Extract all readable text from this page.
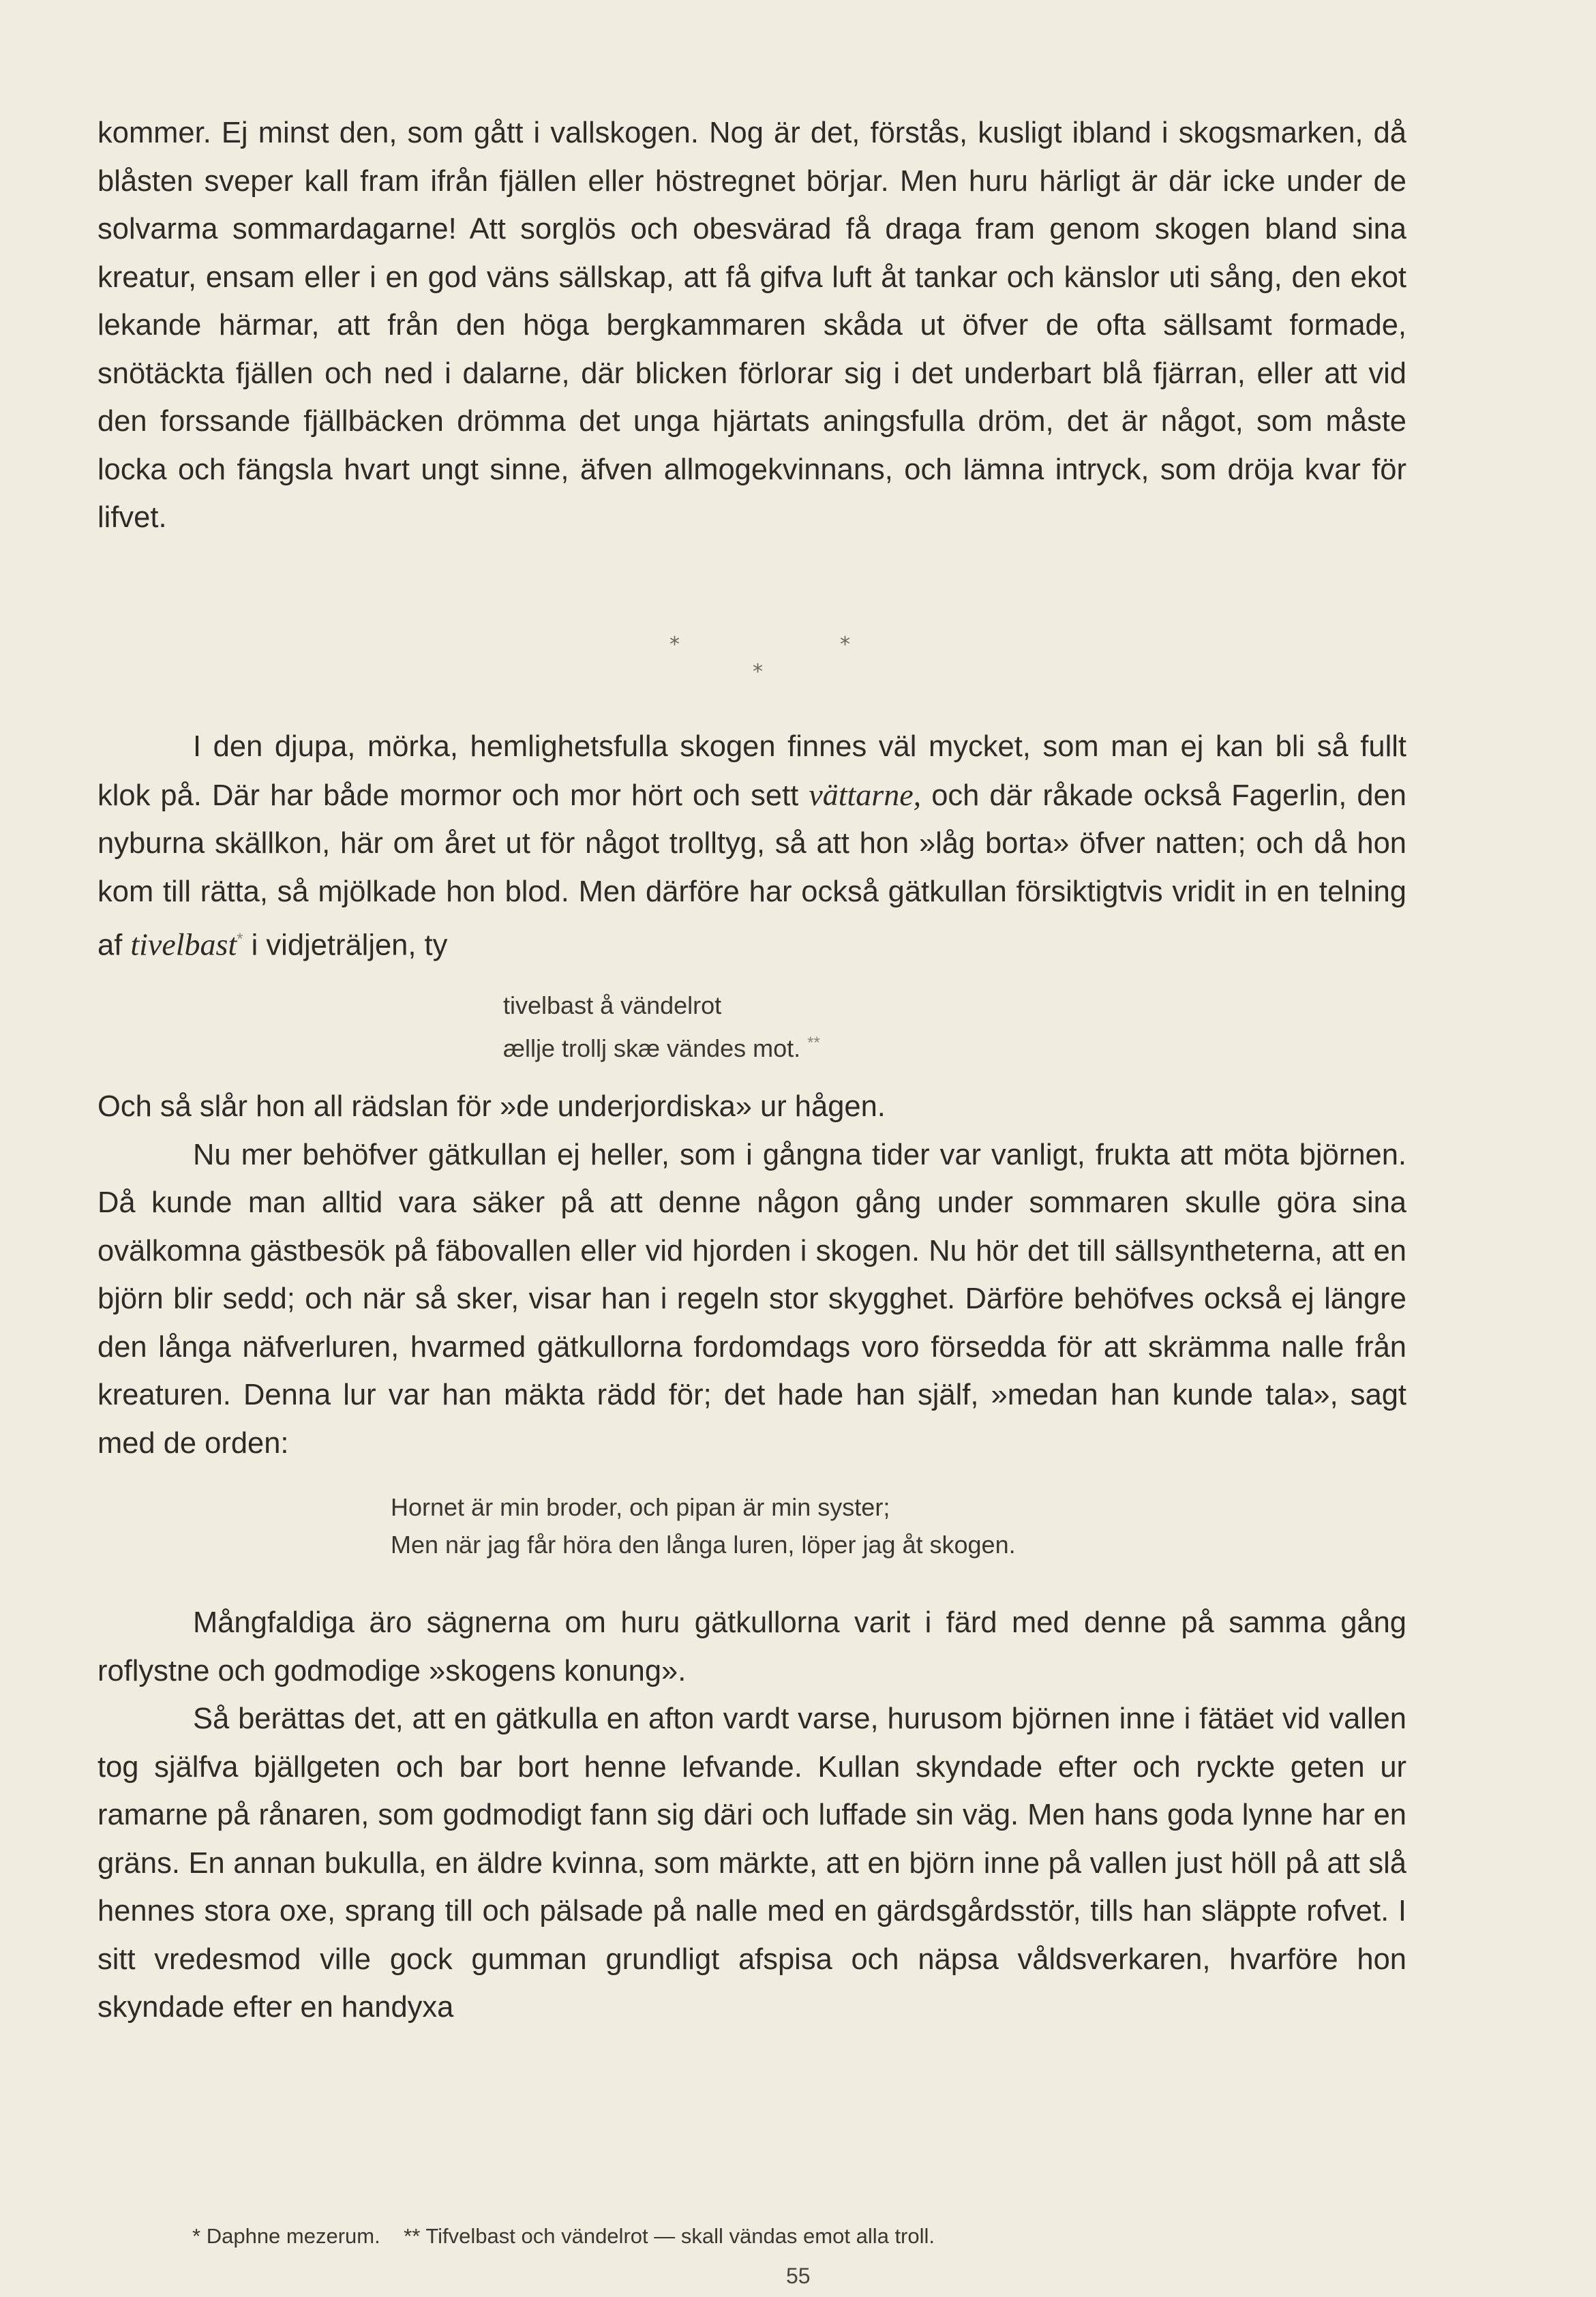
kommer. Ej minst den, som gått i vallskogen. Nog är det, förstås, kusligt ibland i skogsmarken, då blåsten sveper kall fram ifrån fjällen eller höstregnet börjar. Men huru härligt är där icke under de solvarma sommardagarne! Att sorglös och obesvärad få draga fram genom skogen bland sina kreatur, ensam eller i en god väns sällskap, att få gifva luft åt tankar och känslor uti sång, den ekot lekande härmar, att från den höga bergkammaren skåda ut öfver de ofta sällsamt formade, snötäckta fjällen och ned i dalarne, där blicken förlorar sig i det underbart blå fjärran, eller att vid den forssande fjällbäcken drömma det unga hjärtats aningsfulla dröm, det är något, som måste locka och fängsla hvart ungt sinne, äfven allmogekvinnans, och lämna intryck, som dröja kvar för lifvet.

*	*
*

I den djupa, mörka, hemlighetsfulla skogen finnes väl mycket, som man ej kan bli så fullt klok på. Där har både mormor och mor hört och sett vättarne, och där råkade också Fagerlin, den nyburna skällkon, här om året ut för något trolltyg, så att hon »låg borta» öfver natten; och då hon kom till rätta, så mjölkade hon blod. Men därföre har också gätkullan försiktigtvis vridit in en telning af tivelbast* i vidjeträljen, ty

tivelbast å vändelrot
ællje trollj skæ vändes mot. **

Och så slår hon all rädslan för »de underjordiska» ur hågen.

Nu mer behöfver gätkullan ej heller, som i gångna tider var vanligt, frukta att möta björnen. Då kunde man alltid vara säker på att denne någon gång under sommaren skulle göra sina ovälkomna gästbesök på fäbovallen eller vid hjorden i skogen. Nu hör det till sällsyntheterna, att en björn blir sedd; och när så sker, visar han i regeln stor skygghet. Därföre behöfves också ej längre den långa näfverluren, hvarmed gätkullorna fordomdags voro försedda för att skrämma nalle från kreaturen. Denna lur var han mäkta rädd för; det hade han själf, »medan han kunde tala», sagt med de orden:

Hornet är min broder, och pipan är min syster;
Men när jag får höra den långa luren, löper jag åt skogen.

Mångfaldiga äro sägnerna om huru gätkullorna varit i färd med denne på samma gång roflystne och godmodige »skogens konung».

Så berättas det, att en gätkulla en afton vardt varse, hurusom björnen inne i fätäet vid vallen tog själfva bjällgeten och bar bort henne lefvande. Kullan skyndade efter och ryckte geten ur ramarne på rånaren, som godmodigt fann sig däri och luffade sin väg. Men hans goda lynne har en gräns. En annan bukulla, en äldre kvinna, som märkte, att en björn inne på vallen just höll på att slå hennes stora oxe, sprang till och pälsade på nalle med en gärdsgårdsstör, tills han släppte rofvet. I sitt vredesmod ville gock gumman grundligt afspisa och näpsa våldsverkaren, hvarföre hon skyndade efter en handyxa

* Daphne mezerum. ** Tifvelbast och vändelrot — skall vändas emot alla troll.
55
